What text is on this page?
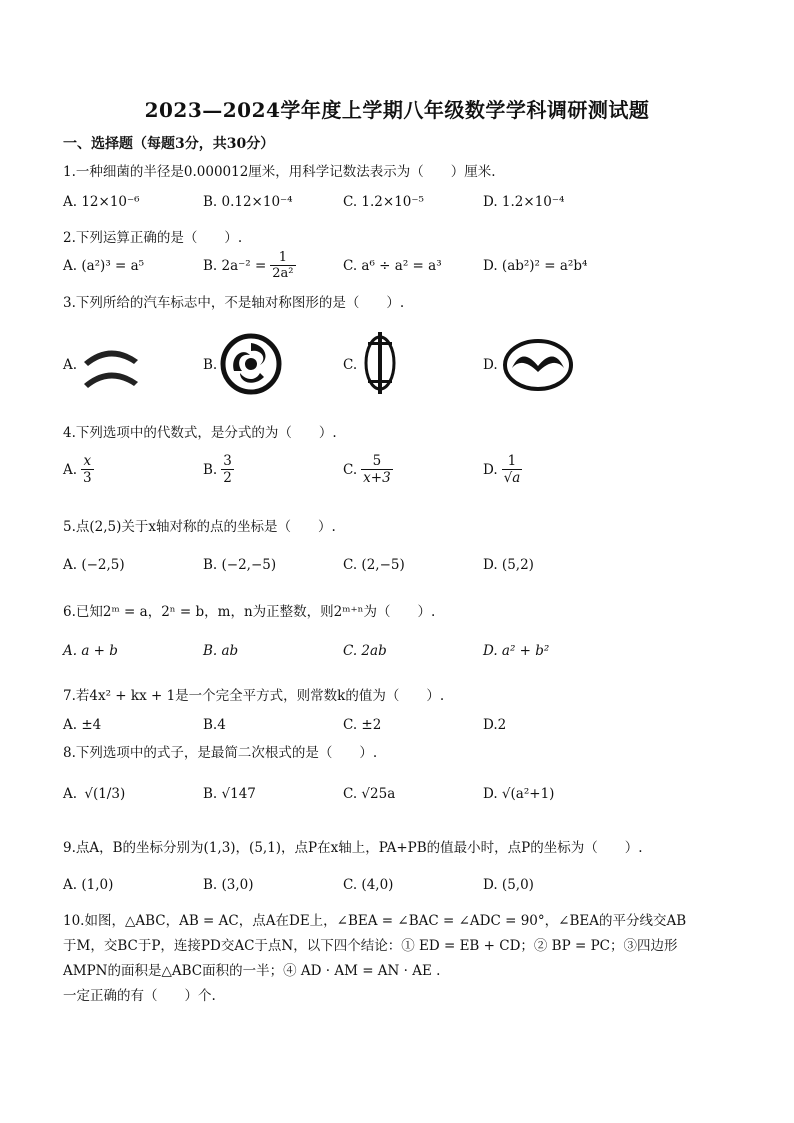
2023—2024学年度上学期八年级数学学科调研测试题
一、选择题（每题3分，共30分）
1.一种细菌的半径是0.000012厘米，用科学记数法表示为（　　）厘米.
A. 12×10⁻⁶	B. 0.12×10⁻⁴	C. 1.2×10⁻⁵	D. 1.2×10⁻⁴
2.下列运算正确的是（　　）.
A. (a²)³ = a⁵	B. $2a^{-2} = \frac{1}{\text{2a²}}$	C. a⁶ ÷ a² = a³	D. (ab²)² = a²b⁴
3.下列所给的汽车标志中，不是轴对称图形的是（　　）.
A.	B.	C.	D.
4.下列选项中的代数式，是分式的为（　　）.
A. $\frac{x}{3}$	B. $\frac{3}{2}$	C. $\frac{5}{x+3}$	D. $\frac{1}{√a}$
5.点(2,5)关于x轴对称的点的坐标是（　　）.
A. (−2,5)	B. (−2,−5)	C. (2,−5)	D. (5,2)
6.已知2ᵐ = a，2ⁿ = b，m，n为正整数，则2ᵐ⁺ⁿ为（　　）.
A. a + b	B. ab	C. 2ab	D. a² + b²
7.若4x² + kx + 1是一个完全平方式，则常数k的值为（　　）.
A. ±4	B.4	C. ±2	D.2
8.下列选项中的式子，是最简二次根式的是（　　）.
A. √(1/3)	B. √147	C. √25a	D. √(a²+1)
9.点A，B的坐标分别为(1,3)，(5,1)，点P在x轴上，PA+PB的值最小时，点P的坐标为（　　）.
A. (1,0)	B. (3,0)	C. (4,0)	D. (5,0)
10.如图，△ABC，AB = AC，点A在DE上，∠BEA = ∠BAC = ∠ADC = 90°，∠BEA的平分线交AB
于M，交BC于P，连接PD交AC于点N，以下四个结论：① ED = EB + CD；② BP = PC；③四边形
AMPN的面积是△ABC面积的一半；④ AD · AM = AN · AE .
一定正确的有（　　）个.
